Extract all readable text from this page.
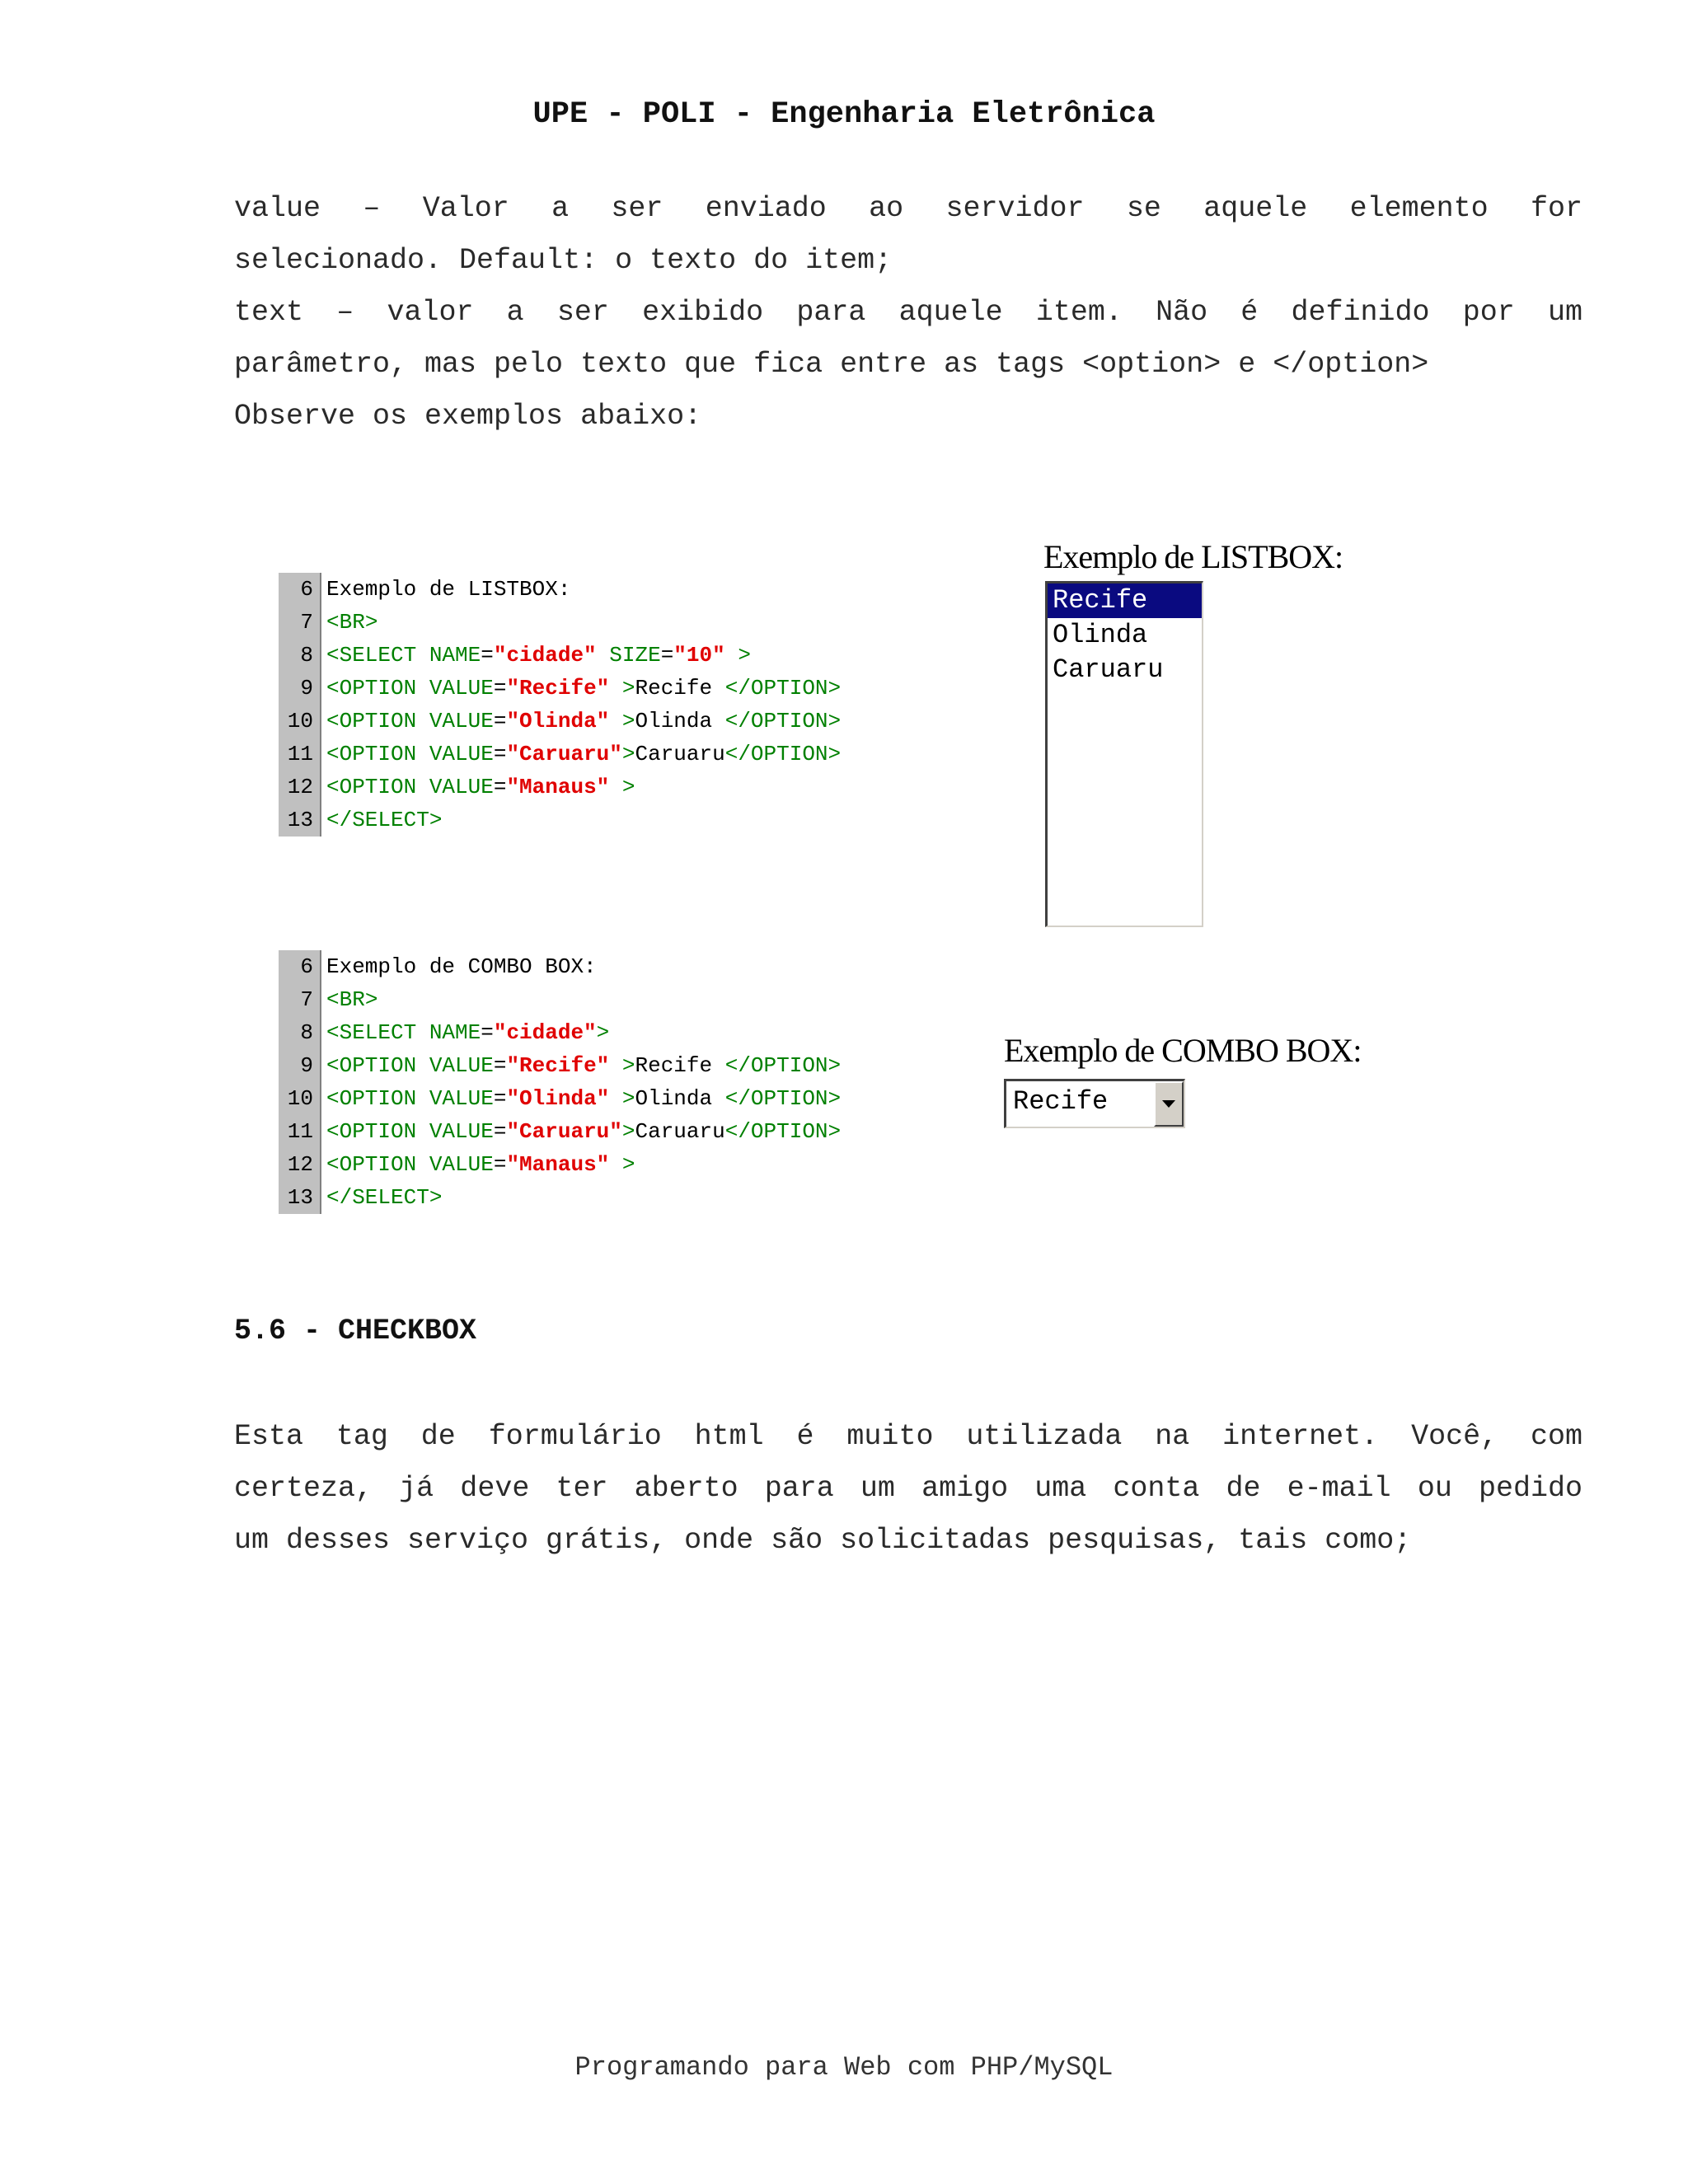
UPE - POLI - Engenharia Eletrônica
value – Valor a ser enviado ao servidor se aquele elemento for
selecionado. Default: o texto do item;
text – valor a ser exibido para aquele item. Não é definido por um
parâmetro, mas pelo texto que fica entre as tags <option> e </option>
Observe os exemplos abaixo:
6 Exemplo de LISTBOX:
7 <BR>
8 <SELECT NAME="cidade" SIZE="10" >
9 <OPTION VALUE="Recife" >Recife </OPTION>
10 <OPTION VALUE="Olinda" >Olinda </OPTION>
11 <OPTION VALUE="Caruaru">Caruaru</OPTION>
12 <OPTION VALUE="Manaus" >
13 </SELECT>
6 Exemplo de COMBO BOX:
7 <BR>
8 <SELECT NAME="cidade">
9 <OPTION VALUE="Recife" >Recife </OPTION>
10 <OPTION VALUE="Olinda" >Olinda </OPTION>
11 <OPTION VALUE="Caruaru">Caruaru</OPTION>
12 <OPTION VALUE="Manaus" >
13 </SELECT>
Exemplo de LISTBOX:
Recife
Olinda
Caruaru
Exemplo de COMBO BOX:
Recife
5.6 - CHECKBOX
Esta tag de formulário html é muito utilizada na internet. Você, com
certeza, já deve ter aberto para um amigo uma conta de e-mail ou pedido
um desses serviço grátis, onde são solicitadas pesquisas, tais como;
Programando para Web com PHP/MySQL
